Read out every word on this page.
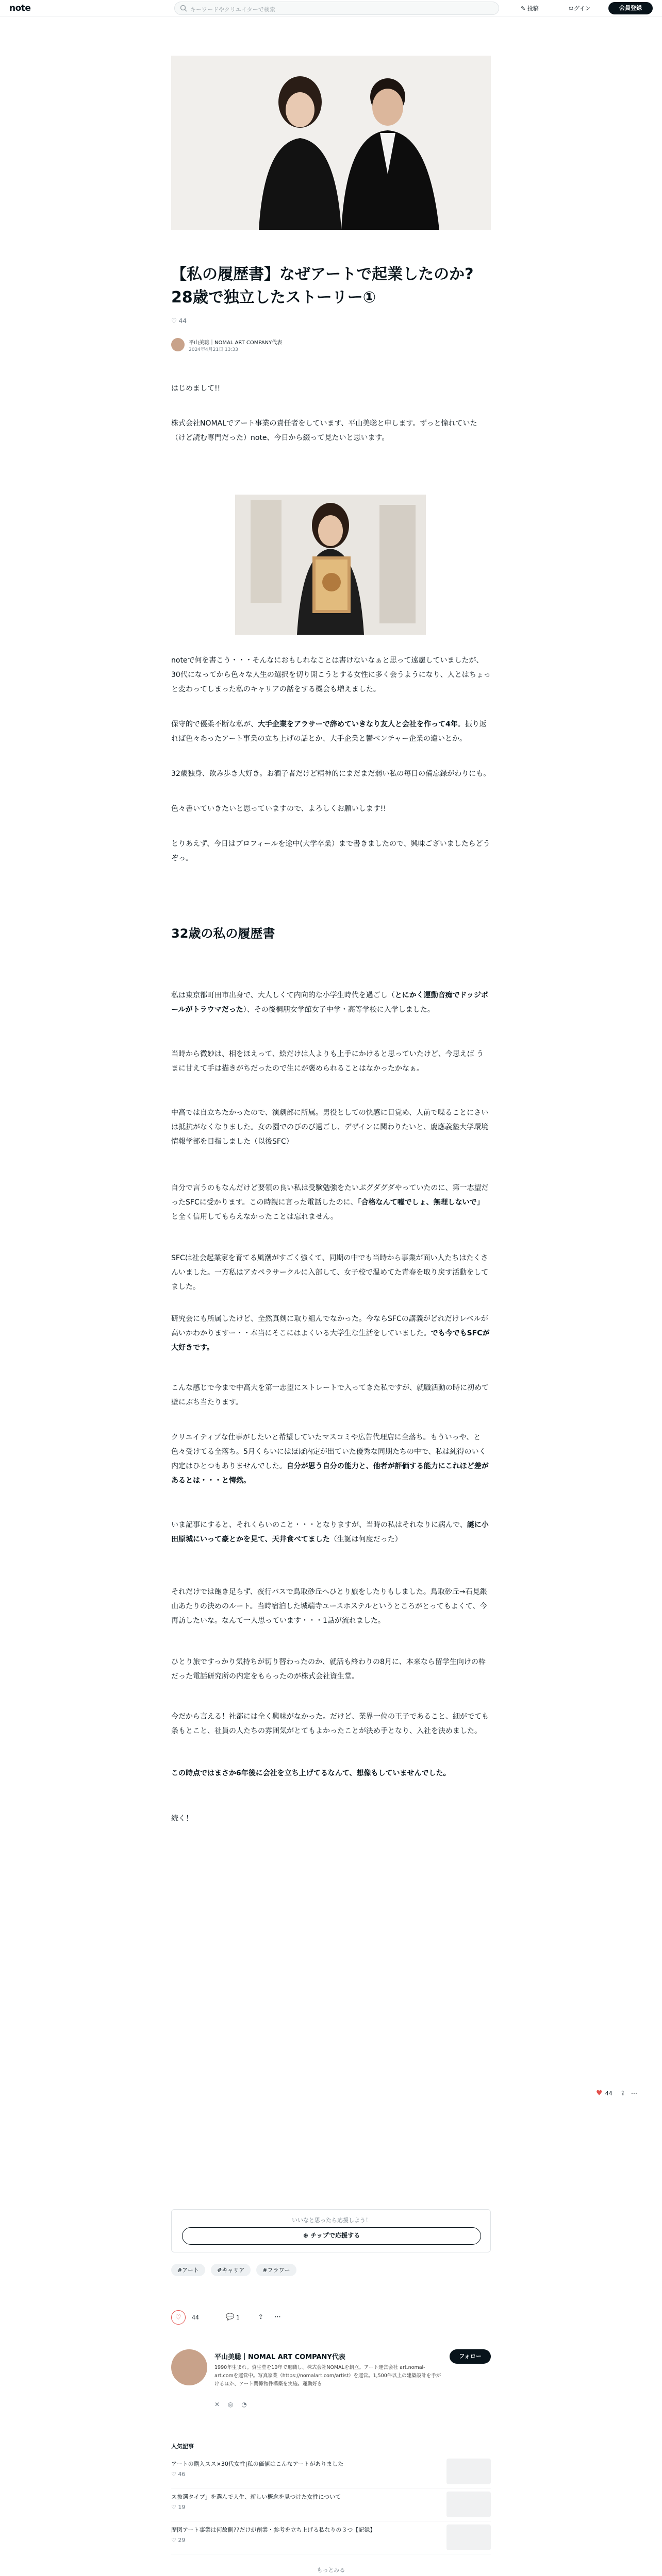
note	キーワードやクリエイターで検索	✎ 投稿	ログイン	会員登録
【私の履歴書】なぜアートで起業したのか? 28歳で独立したストーリー①
♡ 44
平山美聡｜NOMAL ART COMPANY代表
2024年4月21日 13:33

はじめまして!!

株式会社NOMALでアート事業の責任者をしています、平山美聡と申します。ずっと憧れていた（けど読む専門だった）note、今日から綴って見たいと思います。

noteで何を書こう・・・そんなにおもしれなことは書けないなぁと思って遠慮していましたが、30代になってから色々な人生の選択を切り開こうとする女性に多く会うようになり、人とはちょっと変わってしまった私のキャリアの話をする機会も増えました。

保守的で優柔不断な私が、大手企業をアラサーで辞めていきなり友人と会社を作って4年。振り返れば色々あったアート事業の立ち上げの話とか、大手企業と鬱ベンチャー企業の違いとか。

32歳独身、飲み歩き大好き。お酒子者だけど精神的にまだまだ弱い私の毎日の備忘録がわりにも。

色々書いていきたいと思っていますので、よろしくお願いします!!

とりあえず、今日はプロフィールを途中(大学卒業）まで書きましたので、興味ございましたらどうぞっ。

32歳の私の履歴書

私は東京都町田市出身で、大人しくて内向的な小学生時代を過ごし（とにかく運動音痴でドッジボールがトラウマだった）、その後桐朋女学館女子中学・高等学校に入学しました。

当時から微妙は、相をほえって、絵だけは人よりも上手にかけると思っていたけど、今思えば うまに甘えて手は描きがちだったので生にが褒められることはなかったかなぁ。

中高では自立ちたかったので、演劇部に所属。男役としての快感に目覚め、人前で喋ることにさいは抵抗がなくなりました。女の園でのびのび過ごし、デザインに関わりたいと、慶應義塾大学環境情報学部を目指しました（以後SFC）

自分で言うのもなんだけど要領の良い私は受験勉強をたいぶグダグダやっていたのに、第一志望だったSFCに受かります。この時親に言った電話したのに、「合格なんて嘘でしょ、無理しないで」と全く信用してもらえなかったことは忘れません。

SFCは社会起業家を育てる風潮がすごく強くて、同期の中でも当時から事業が面い人たちはたくさんいました。一方私はアカペラサークルに入部して、女子校で温めてた青春を取り戻す活動をしてました。

研究会にも所属したけど、全然真剣に取り組んでなかった。今ならSFCの講義がどれだけレベルが高いかわかりますー・・本当にそこにはよくいる大学生な生活をしていました。でも今でもSFCが大好きです。

こんな感じで今まで中高大を第一志望にストレートで入ってきた私ですが、就職活動の時に初めて壁にぶち当たります。

クリエイティブな仕事がしたいと希望していたマスコミや広告代理店に全落ち。もういっや、と色々受けてる全落ち。5月くらいにはほぼ内定が出ていた優秀な同期たちの中で、私は純得のいく内定はひとつもありませんでした。自分が思う自分の能力と、他者が評価する能力にこれほど差があるとは・・・と愕然。

いま記事にすると、それくらいのこと・・・となりますが、当時の私はそれなりに病んで、謎に小田原城にいって豪とかを見て、天井食べてました（生誕は何度だった）

それだけでは飽き足らず、夜行バスで鳥取砂丘へひとり旅をしたりもしました。鳥取砂丘→石見銀山あたりの決めのルート。当時宿泊した城端寺ユースホステルというところがとってもよくて、今再訪したいな。なんて一人思っています・・・1話が流れました。

ひとり旅ですっかり気持ちが切り替わったのか、就活も終わりの8月に、本来なら留学生向けの枠だった電話研究所の内定をもらったのが株式会社資生堂。

今だから言える！社都には全く興味がなかった。だけど、業界一位の王子であること、細がでても条もとこと、社員の人たちの雰囲気がとてもよかったことが決め手となり、入社を決めました。

この時点ではまさか6年後に会社を立ち上げてるなんて、想像もしていませんでした。

続く！

♥ 44 ⇪ ⋯
いいなと思ったら応援しよう！
⊕ チップで応援する
#アート	#キャリア	#フラワー
♡	44	💬 1	⇪ ⋯
平山美聡｜NOMAL ART COMPANY代表	フォロー
1990年生まれ。資生堂を10年で退職し、株式会社NOMALを創立。アート運営会社 art.nomal-art.comを運営中。写真家業（https://nomalart.com/artist）を運営。1,500件以上の建築設計を手がけるほか、アート関係物件構築を実施。運動好き
✕ ◎ ◔
人気記事
アートの購入スス×30代女性|私の価値はこんなアートがありました
♡ 46
ス抜選タイプ」を選んで人生、新しい概念を見つけた女性について
♡ 19
歴図アート事業は何故側??だけが創業・参考を立ち上げる私なりの３つ【記録】
♡ 29
もっとみる
